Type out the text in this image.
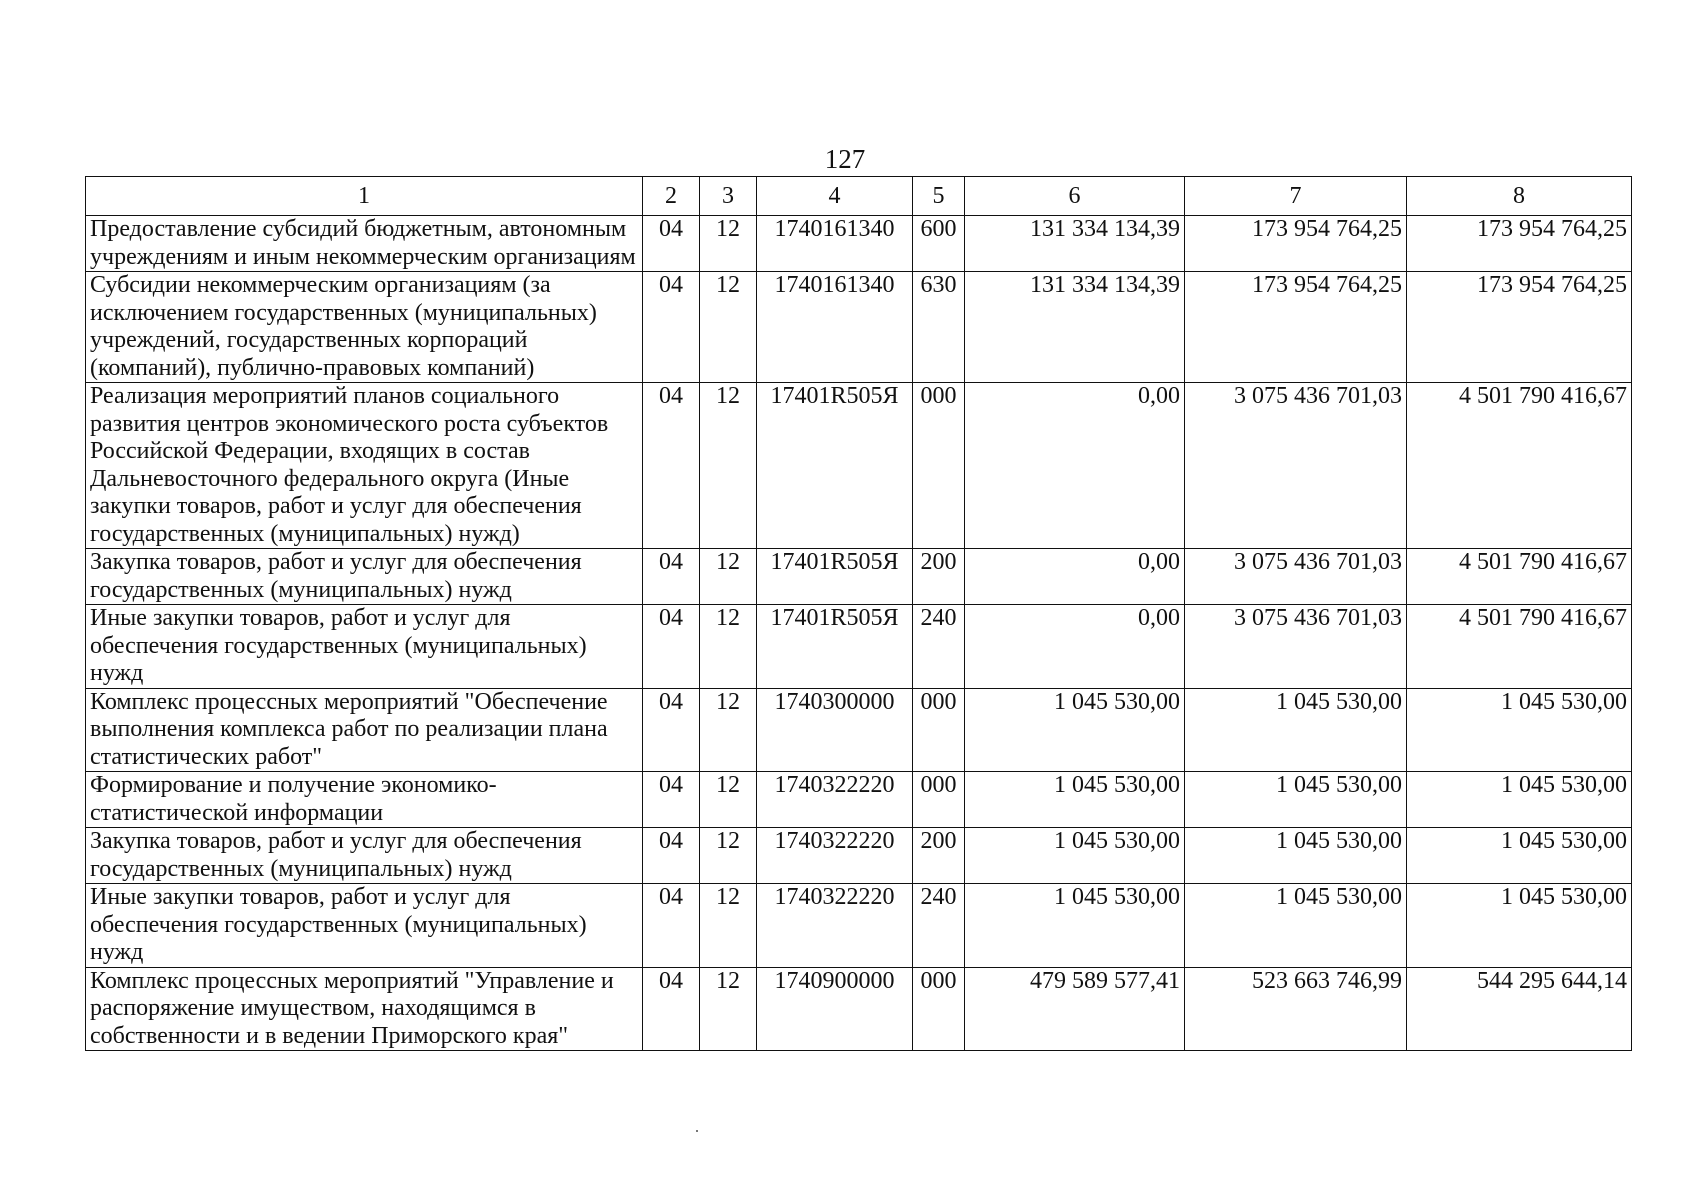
127
1	2	3	4	5	6	7	8
Предоставление субсидий бюджетным, автономным учреждениям и иным некоммерческим организациям	04	12	1740161340	600	131 334 134,39	173 954 764,25	173 954 764,25
Субсидии некоммерческим организациям (за исключением государственных (муниципальных) учреждений, государственных корпораций (компаний), публично-правовых компаний)	04	12	1740161340	630	131 334 134,39	173 954 764,25	173 954 764,25
Реализация мероприятий планов социального развития центров экономического роста субъектов Российской Федерации, входящих в состав Дальневосточного федерального округа (Иные закупки товаров, работ и услуг для обеспечения государственных (муниципальных) нужд)	04	12	17401R505Я	000	0,00	3 075 436 701,03	4 501 790 416,67
Закупка товаров, работ и услуг для обеспечения государственных (муниципальных) нужд	04	12	17401R505Я	200	0,00	3 075 436 701,03	4 501 790 416,67
Иные закупки товаров, работ и услуг для обеспечения государственных (муниципальных) нужд	04	12	17401R505Я	240	0,00	3 075 436 701,03	4 501 790 416,67
Комплекс процессных мероприятий "Обеспечение выполнения комплекса работ по реализации плана статистических работ"	04	12	1740300000	000	1 045 530,00	1 045 530,00	1 045 530,00
Формирование и получение экономико-статистической информации	04	12	1740322220	000	1 045 530,00	1 045 530,00	1 045 530,00
Закупка товаров, работ и услуг для обеспечения государственных (муниципальных) нужд	04	12	1740322220	200	1 045 530,00	1 045 530,00	1 045 530,00
Иные закупки товаров, работ и услуг для обеспечения государственных (муниципальных) нужд	04	12	1740322220	240	1 045 530,00	1 045 530,00	1 045 530,00
Комплекс процессных мероприятий "Управление и распоряжение имуществом, находящимся в собственности и в ведении Приморского края"	04	12	1740900000	000	479 589 577,41	523 663 746,99	544 295 644,14
